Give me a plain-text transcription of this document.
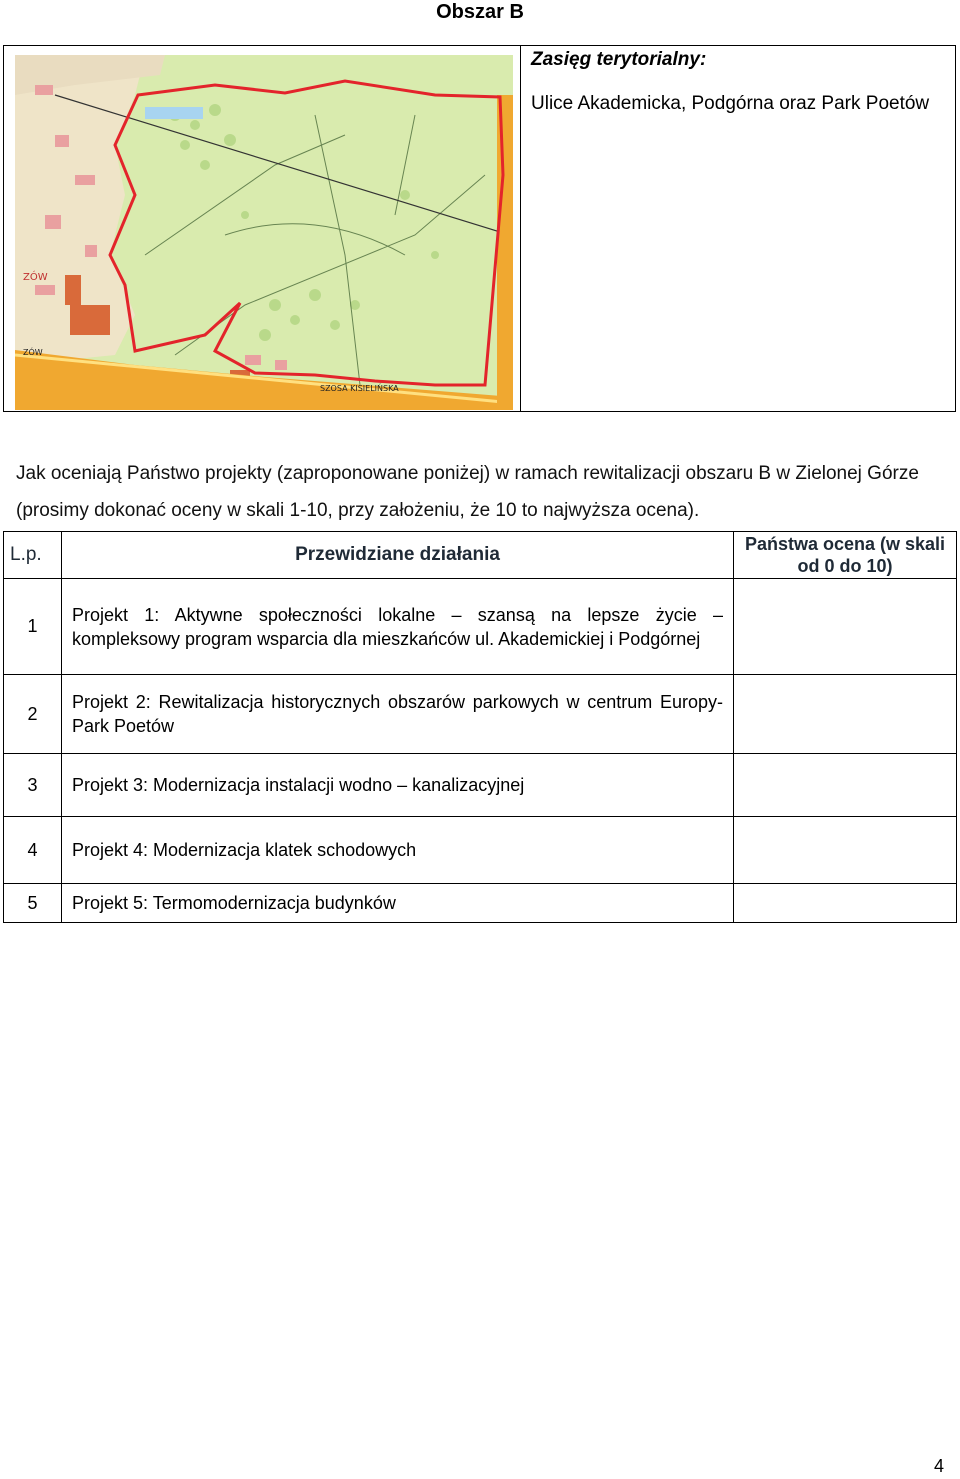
Obszar B
ZÓW
SZOSA KISIELIŃSKA
ZÓW
Zasięg terytorialny:
Ulice Akademicka, Podgórna oraz Park Poetów
Jak oceniają Państwo projekty (zaproponowane poniżej) w ramach rewitalizacji obszaru B w Zielonej Górze (prosimy dokonać oceny w skali 1-10, przy założeniu, że 10 to najwyższa ocena).
L.p.	Przewidziane działania	Państwa ocena (w skali od 0 do 10)
1	Projekt 1: Aktywne społeczności lokalne – szansą na lepsze życie – kompleksowy program wsparcia dla mieszkańców ul. Akademickiej i Podgórnej	
2	Projekt 2: Rewitalizacja historycznych obszarów parkowych w centrum Europy- Park Poetów	
3	Projekt 3: Modernizacja instalacji wodno – kanalizacyjnej	
4	Projekt 4: Modernizacja klatek schodowych	
5	Projekt 5: Termomodernizacja budynków	
4
